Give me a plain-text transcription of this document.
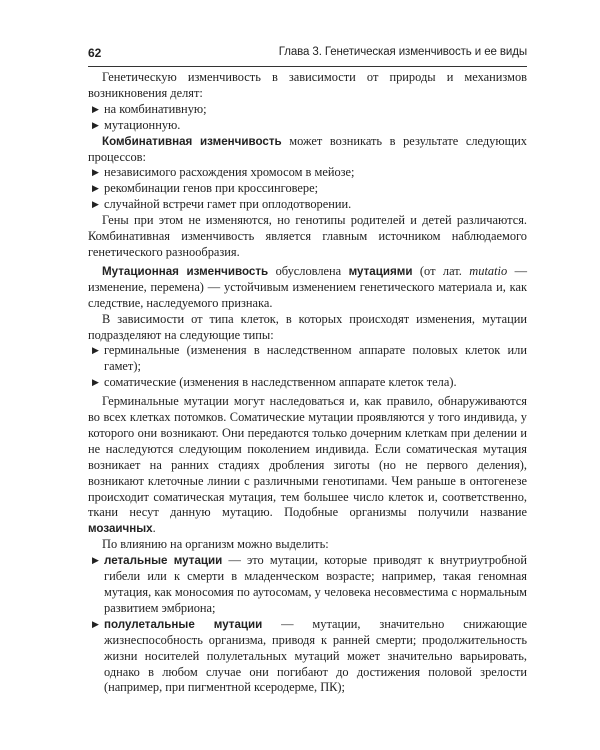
62	Глава 3. Генетическая изменчивость и ее виды

Генетическую изменчивость в зависимости от природы и механизмов возникновения делят:

▶ на комбинативную;
▶ мутационную.

Комбинативная изменчивость может возникать в результате следующих процессов:

▶ независимого расхождения хромосом в мейозе;
▶ рекомбинации генов при кроссинговере;
▶ случайной встречи гамет при оплодотворении.

Гены при этом не изменяются, но генотипы родителей и детей различаются. Комбинативная изменчивость является главным источником наблюдаемого генетического разнообразия.

Мутационная изменчивость обусловлена мутациями (от лат. mutatio — изменение, перемена) — устойчивым изменением генетического материала и, как следствие, наследуемого признака.

В зависимости от типа клеток, в которых происходят изменения, мутации подразделяют на следующие типы:

▶ герминальные (изменения в наследственном аппарате половых клеток или гамет);
▶ соматические (изменения в наследственном аппарате клеток тела).

Герминальные мутации могут наследоваться и, как правило, обнаруживаются во всех клетках потомков. Соматические мутации проявляются у того индивида, у которого они возникают. Они передаются только дочерним клеткам при делении и не наследуются следующим поколением индивида. Если соматическая мутация возникает на ранних стадиях дробления зиготы (но не первого деления), возникают клеточные линии с различными генотипами. Чем раньше в онтогенезе происходит соматическая мутация, тем большее число клеток и, соответственно, ткани несут данную мутацию. Подобные организмы получили название мозаичных.

По влиянию на организм можно выделить:

▶ летальные мутации — это мутации, которые приводят к внутриутробной гибели или к смерти в младенческом возрасте; например, такая геномная мутация, как моносомия по аутосомам, у человека несовместима с нормальным развитием эмбриона;
▶ полулетальные мутации — мутации, значительно снижающие жизнеспособность организма, приводя к ранней смерти; продолжительность жизни носителей полулетальных мутаций может значительно варьировать, однако в любом случае они погибают до достижения половой зрелости (например, при пигментной ксеродерме, ПК);
